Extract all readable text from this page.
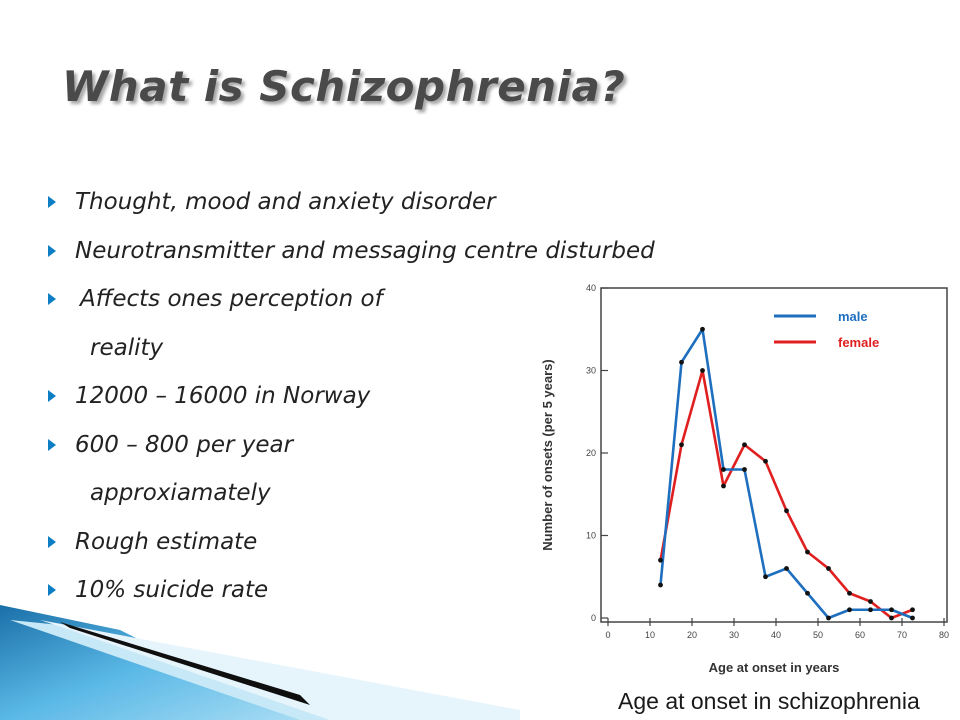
What is Schizophrenia?
Thought, mood and anxiety disorder
Neurotransmitter and messaging centre disturbed
Affects ones perception of
reality
12000 – 16000 in Norway
600 – 800 per year
approxiamately
Rough estimate
10% suicide rate
0	10	20	30	40	50	60	70	80
0
10
20
30
40
male
female
Age at onset in years
Number of onsets (per 5 years)

Age at onset in schizophrenia
